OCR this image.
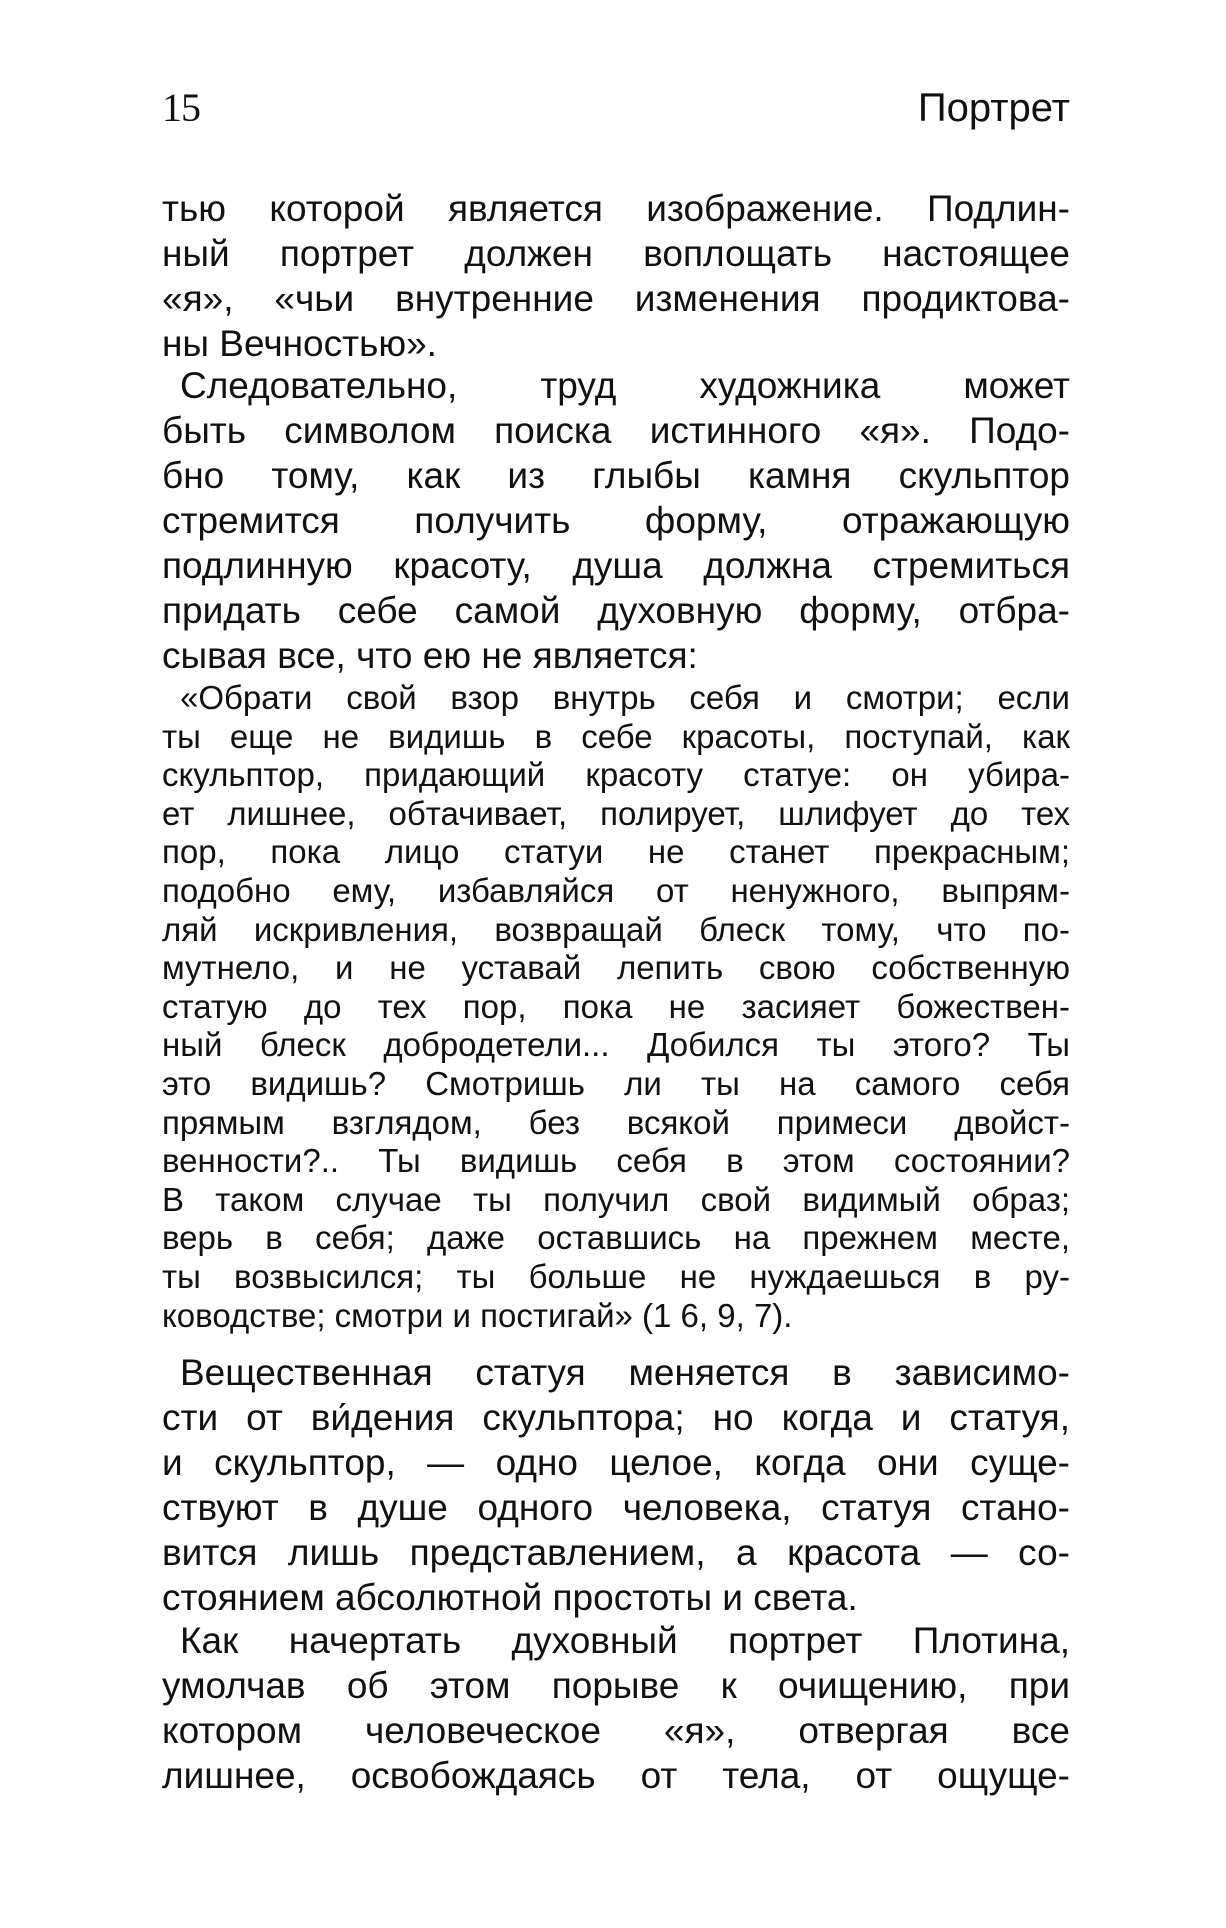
15	Портрет
тью которой является изображение. Подлин-
ный портрет должен воплощать настоящее
«я», «чьи внутренние изменения продиктова-
ны Вечностью».
Следовательно, труд художника может
быть символом поиска истинного «я». Подо-
бно тому, как из глыбы камня скульптор
стремится получить форму, отражающую
подлинную красоту, душа должна стремиться
придать себе самой духовную форму, отбра-
сывая все, что ею не является:
«Обрати свой взор внутрь себя и смотри; если
ты еще не видишь в себе красоты, поступай, как
скульптор, придающий красоту статуе: он убира-
ет лишнее, обтачивает, полирует, шлифует до тех
пор, пока лицо статуи не станет прекрасным;
подобно ему, избавляйся от ненужного, выпрям-
ляй искривления, возвращай блеск тому, что по-
мутнело, и не уставай лепить свою собственную
статую до тех пор, пока не засияет божествен-
ный блеск добродетели... Добился ты этого? Ты
это видишь? Смотришь ли ты на самого себя
прямым взглядом, без всякой примеси двойст-
венности?.. Ты видишь себя в этом состоянии?
В таком случае ты получил свой видимый образ;
верь в себя; даже оставшись на прежнем месте,
ты возвысился; ты больше не нуждаешься в ру-
ководстве; смотри и постигай» (1 6, 9, 7).
Вещественная статуя меняется в зависимо-
сти от ви́дения скульптора; но когда и статуя,
и скульптор, — одно целое, когда они суще-
ствуют в душе одного человека, статуя стано-
вится лишь представлением, а красота — со-
стоянием абсолютной простоты и света.
Как начертать духовный портрет Плотина,
умолчав об этом порыве к очищению, при
котором человеческое «я», отвергая все
лишнее, освобождаясь от тела, от ощуще-
